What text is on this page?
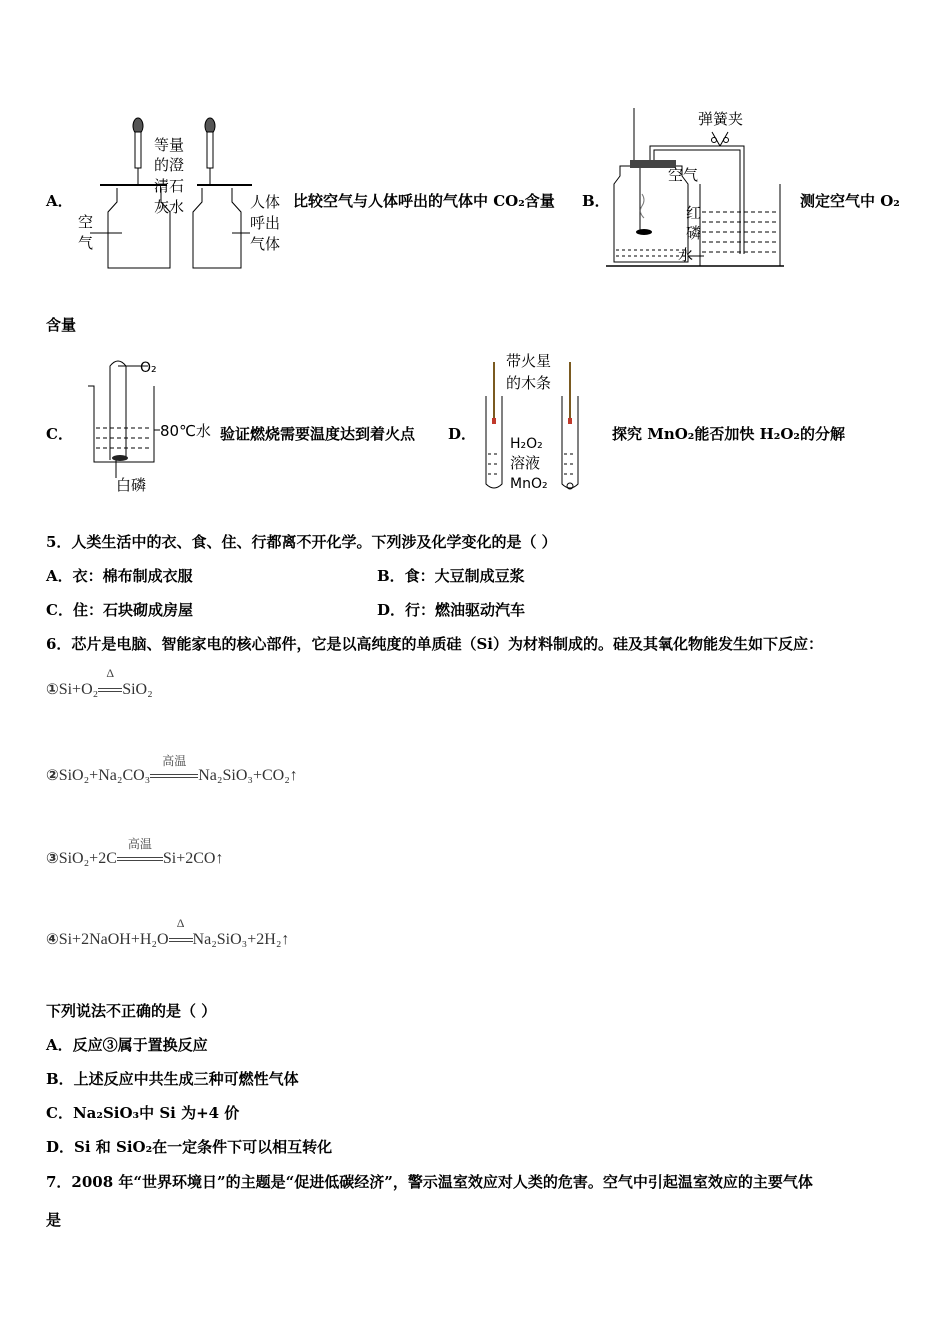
A．
等量
的澄
清石
灰水
空
气
人体
呼出
气体
比较空气与人体呼出的气体中 CO₂含量 B．
弹簧夹
空气
红
磷
水
测定空气中 O₂
含量
C．
O₂
80℃水
白磷
验证燃烧需要温度达到着火点 D．
带火星
的木条
H₂O₂
溶液
MnO₂
探究 MnO₂能否加快 H₂O₂的分解
5．人类生活中的衣、食、住、行都离不开化学。下列涉及化学变化的是（ ）
A．衣：棉布制成衣服	B．食：大豆制成豆浆
C．住：石块砌成房屋	D．行：燃油驱动汽车
6．芯片是电脑、智能家电的核心部件，它是以高纯度的单质硅（Si）为材料制成的。硅及其氧化物能发生如下反应：
①Si+O₂
Δ
SiO₂
②SiO₂+Na₂CO₃
高温
Na₂SiO₃+CO₂↑
③SiO₂+2C
高温
Si+2CO↑
④Si+2NaOH+H₂O
Δ
Na₂SiO₃+2H₂↑
下列说法不正确的是（ ）
A．反应③属于置换反应
B．上述反应中共生成三种可燃性气体
C．Na₂SiO₃中 Si 为+4 价
D．Si 和 SiO₂在一定条件下可以相互转化
7．2008 年“世界环境日”的主题是“促进低碳经济”，警示温室效应对人类的危害。空气中引起温室效应的主要气体
是
